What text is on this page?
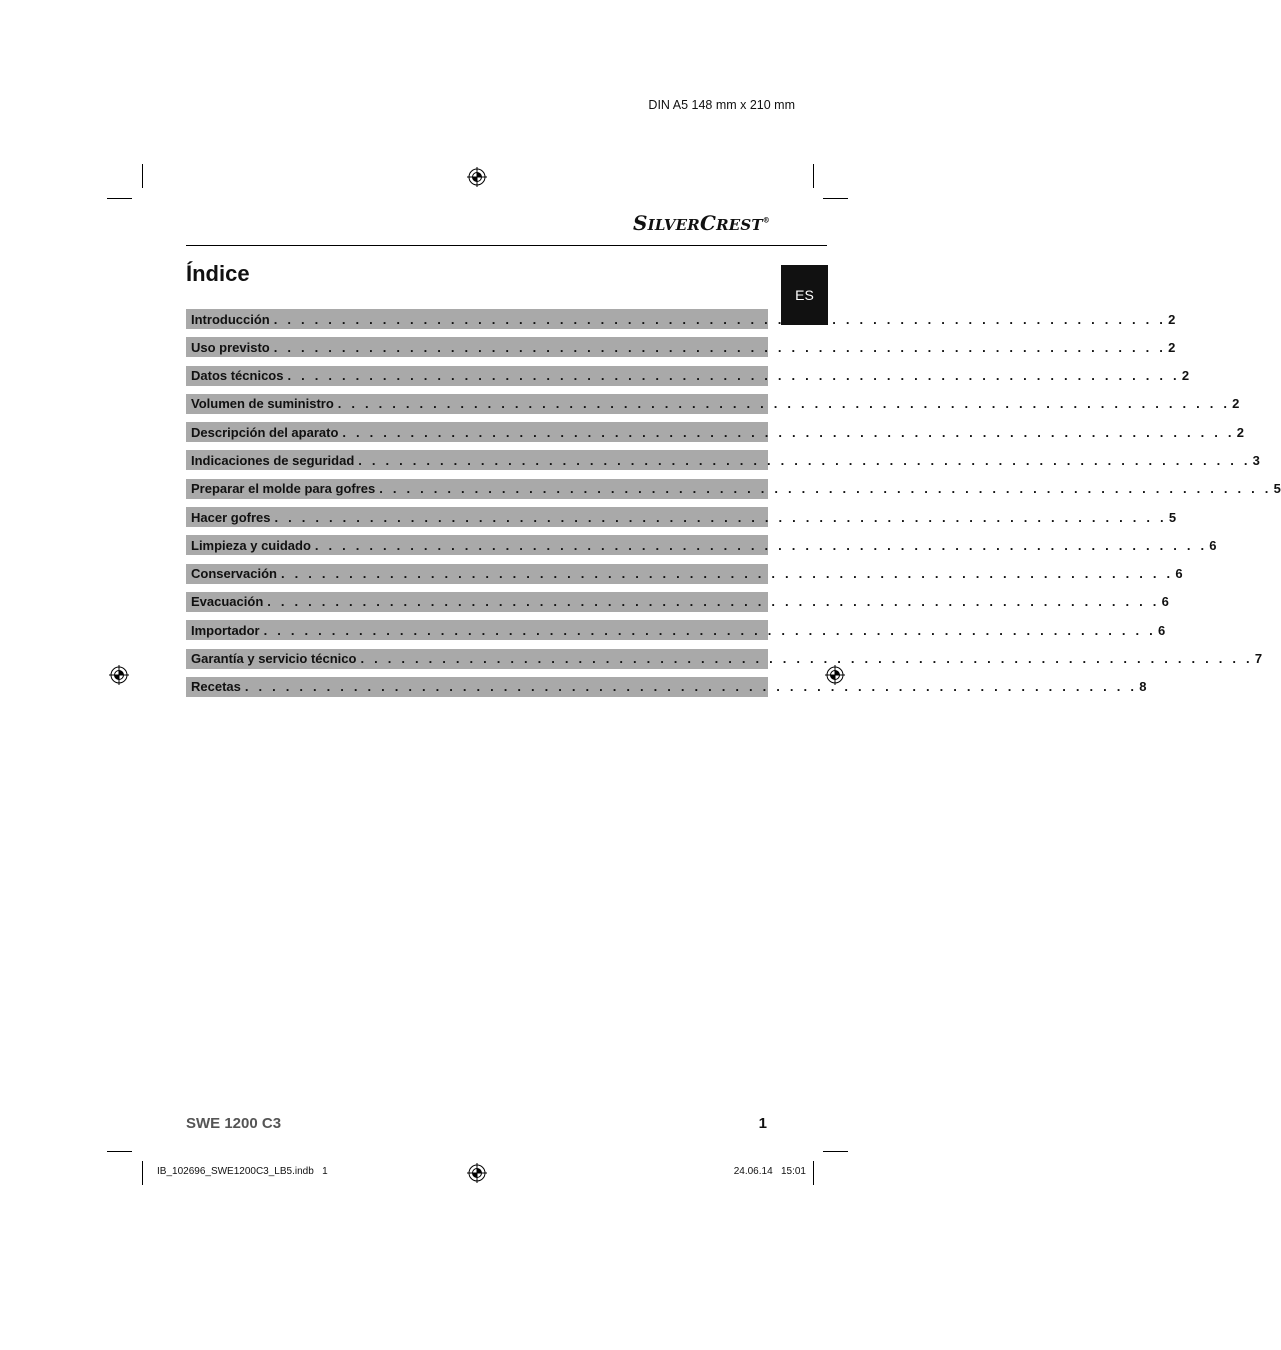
DIN A5 148 mm x 210 mm
SILVERCREST®
Índice
ES
Introducción . . . . . . . . . . . . . . . . . . . . . . . . . . . . . . . . . . . . . . . . . . . . . . . . . . . . . . . . . . . . . . . . . . 2
Uso previsto . . . . . . . . . . . . . . . . . . . . . . . . . . . . . . . . . . . . . . . . . . . . . . . . . . . . . . . . . . . . . . . . . . 2
Datos técnicos . . . . . . . . . . . . . . . . . . . . . . . . . . . . . . . . . . . . . . . . . . . . . . . . . . . . . . . . . . . . . . . . . . 2
Volumen de suministro . . . . . . . . . . . . . . . . . . . . . . . . . . . . . . . . . . . . . . . . . . . . . . . . . . . . . . . . . . . . . . . . . . 2
Descripción del aparato . . . . . . . . . . . . . . . . . . . . . . . . . . . . . . . . . . . . . . . . . . . . . . . . . . . . . . . . . . . . . . . . . . 2
Indicaciones de seguridad . . . . . . . . . . . . . . . . . . . . . . . . . . . . . . . . . . . . . . . . . . . . . . . . . . . . . . . . . . . . . . . . . . 3
Preparar el molde para gofres . . . . . . . . . . . . . . . . . . . . . . . . . . . . . . . . . . . . . . . . . . . . . . . . . . . . . . . . . . . . . . . . . . 5
Hacer gofres . . . . . . . . . . . . . . . . . . . . . . . . . . . . . . . . . . . . . . . . . . . . . . . . . . . . . . . . . . . . . . . . . . 5
Limpieza y cuidado . . . . . . . . . . . . . . . . . . . . . . . . . . . . . . . . . . . . . . . . . . . . . . . . . . . . . . . . . . . . . . . . . . 6
Conservación . . . . . . . . . . . . . . . . . . . . . . . . . . . . . . . . . . . . . . . . . . . . . . . . . . . . . . . . . . . . . . . . . . 6
Evacuación . . . . . . . . . . . . . . . . . . . . . . . . . . . . . . . . . . . . . . . . . . . . . . . . . . . . . . . . . . . . . . . . . . 6
Importador . . . . . . . . . . . . . . . . . . . . . . . . . . . . . . . . . . . . . . . . . . . . . . . . . . . . . . . . . . . . . . . . . . 6
Garantía y servicio técnico . . . . . . . . . . . . . . . . . . . . . . . . . . . . . . . . . . . . . . . . . . . . . . . . . . . . . . . . . . . . . . . . . . 7
Recetas . . . . . . . . . . . . . . . . . . . . . . . . . . . . . . . . . . . . . . . . . . . . . . . . . . . . . . . . . . . . . . . . . . 8
SWE 1200 C3	1
IB_102696_SWE1200C3_LB5.indb   1	24.06.14   15:01
